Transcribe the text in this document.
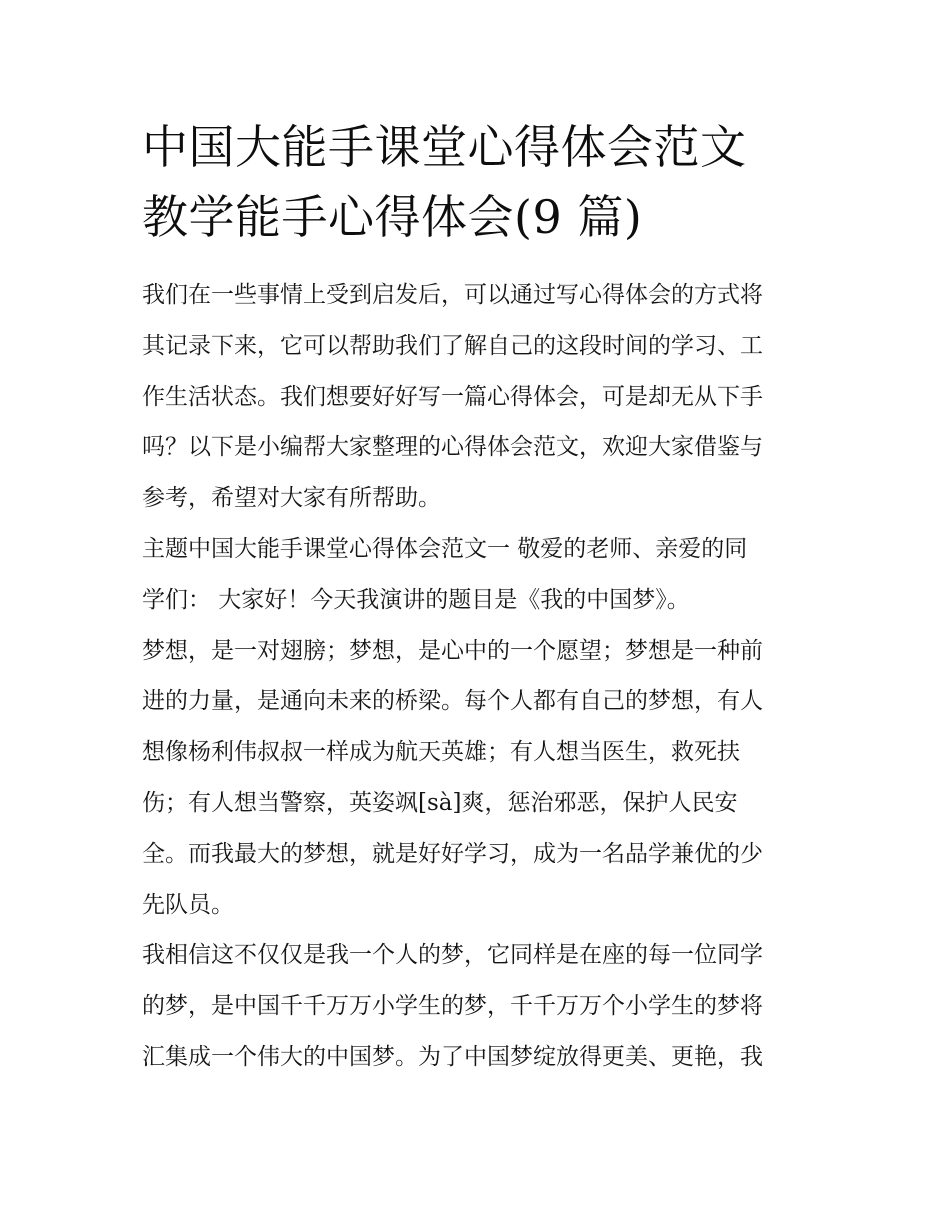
中国大能手课堂心得体会范文
教学能手心得体会(9 篇)

我们在一些事情上受到启发后，可以通过写心得体会的方式将
其记录下来，它可以帮助我们了解自己的这段时间的学习、工
作生活状态。我们想要好好写一篇心得体会，可是却无从下手
吗？以下是小编帮大家整理的心得体会范文，欢迎大家借鉴与
参考，希望对大家有所帮助。

主题中国大能手课堂心得体会范文一 敬爱的老师、亲爱的同
学们： 大家好！今天我演讲的题目是《我的中国梦》。

梦想，是一对翅膀；梦想，是心中的一个愿望；梦想是一种前
进的力量，是通向未来的桥梁。每个人都有自己的梦想，有人
想像杨利伟叔叔一样成为航天英雄；有人想当医生，救死扶
伤；有人想当警察，英姿飒[sà]爽，惩治邪恶，保护人民安
全。而我最大的梦想，就是好好学习，成为一名品学兼优的少
先队员。

我相信这不仅仅是我一个人的梦，它同样是在座的每一位同学
的梦，是中国千千万万小学生的梦，千千万万个小学生的梦将
汇集成一个伟大的中国梦。为了中国梦绽放得更美、更艳，我
